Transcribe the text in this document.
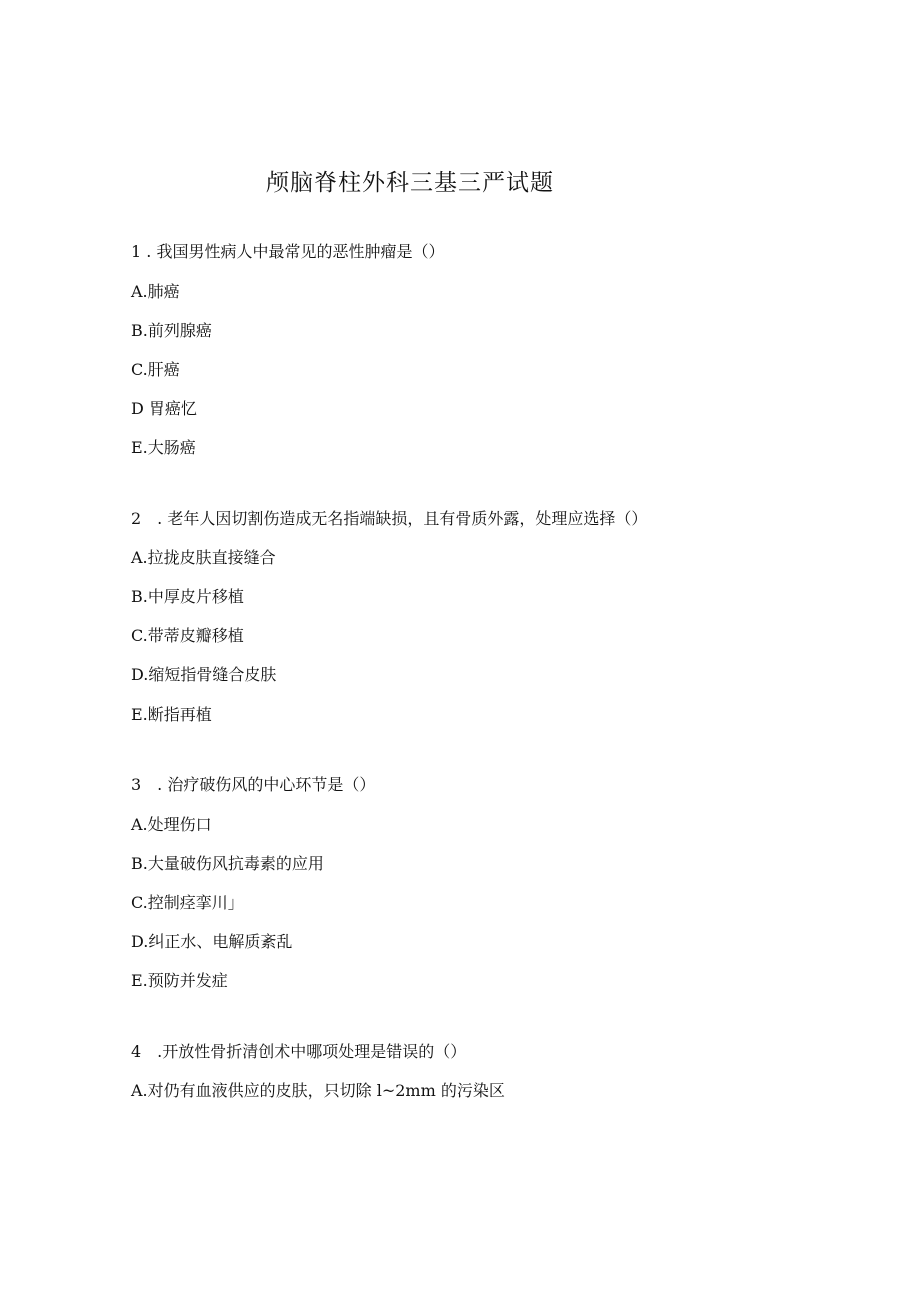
颅脑脊柱外科三基三严试题
1 . 我国男性病人中最常见的恶性肿瘤是（）
A.肺癌
B.前列腺癌
C.肝癌
D 胃癌忆
E.大肠癌
2　. 老年人因切割伤造成无名指端缺损，且有骨质外露，处理应选择（）
A.拉拢皮肤直接缝合
B.中厚皮片移植
C.带蒂皮瓣移植
D.缩短指骨缝合皮肤
E.断指再植
3　. 治疗破伤风的中心环节是（）
A.处理伤口
B.大量破伤风抗毒素的应用
C.控制痉挛川」
D.纠正水、电解质紊乱
E.预防并发症
4　.开放性骨折清创术中哪项处理是错误的（）
A.对仍有血液供应的皮肤，只切除 l~2mm 的污染区
